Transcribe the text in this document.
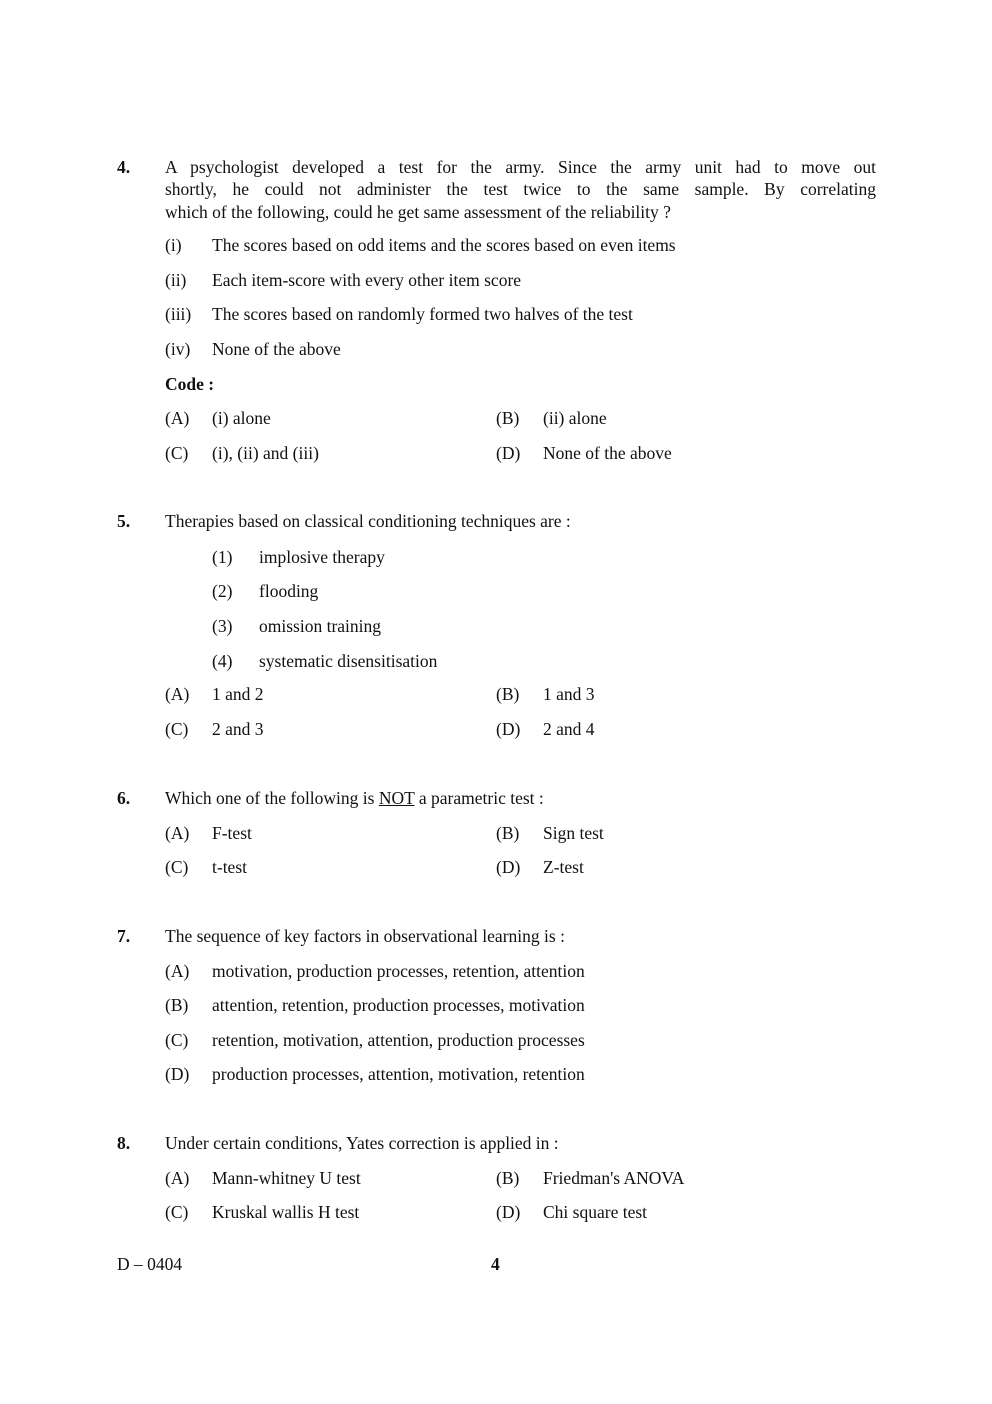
4. A psychologist developed a test for the army. Since the army unit had to move out
shortly, he could not administer the test twice to the same sample. By correlating
which of the following, could he get same assessment of the reliability ?
(i) The scores based on odd items and the scores based on even items
(ii) Each item-score with every other item score
(iii) The scores based on randomly formed two halves of the test
(iv) None of the above
Code :
(A) (i) alone	(B) (ii) alone
(C) (i), (ii) and (iii)	(D) None of the above
5. Therapies based on classical conditioning techniques are :
(1) implosive therapy
(2) flooding
(3) omission training
(4) systematic disensitisation
(A) 1 and 2	(B) 1 and 3
(C) 2 and 3	(D) 2 and 4
6. Which one of the following is NOT a parametric test :
(A) F-test	(B) Sign test
(C) t-test	(D) Z-test
7. The sequence of key factors in observational learning is :
(A) motivation, production processes, retention, attention
(B) attention, retention, production processes, motivation
(C) retention, motivation, attention, production processes
(D) production processes, attention, motivation, retention
8. Under certain conditions, Yates correction is applied in :
(A) Mann-whitney U test	(B) Friedman's ANOVA
(C) Kruskal wallis H test	(D) Chi square test
D – 0404	4
